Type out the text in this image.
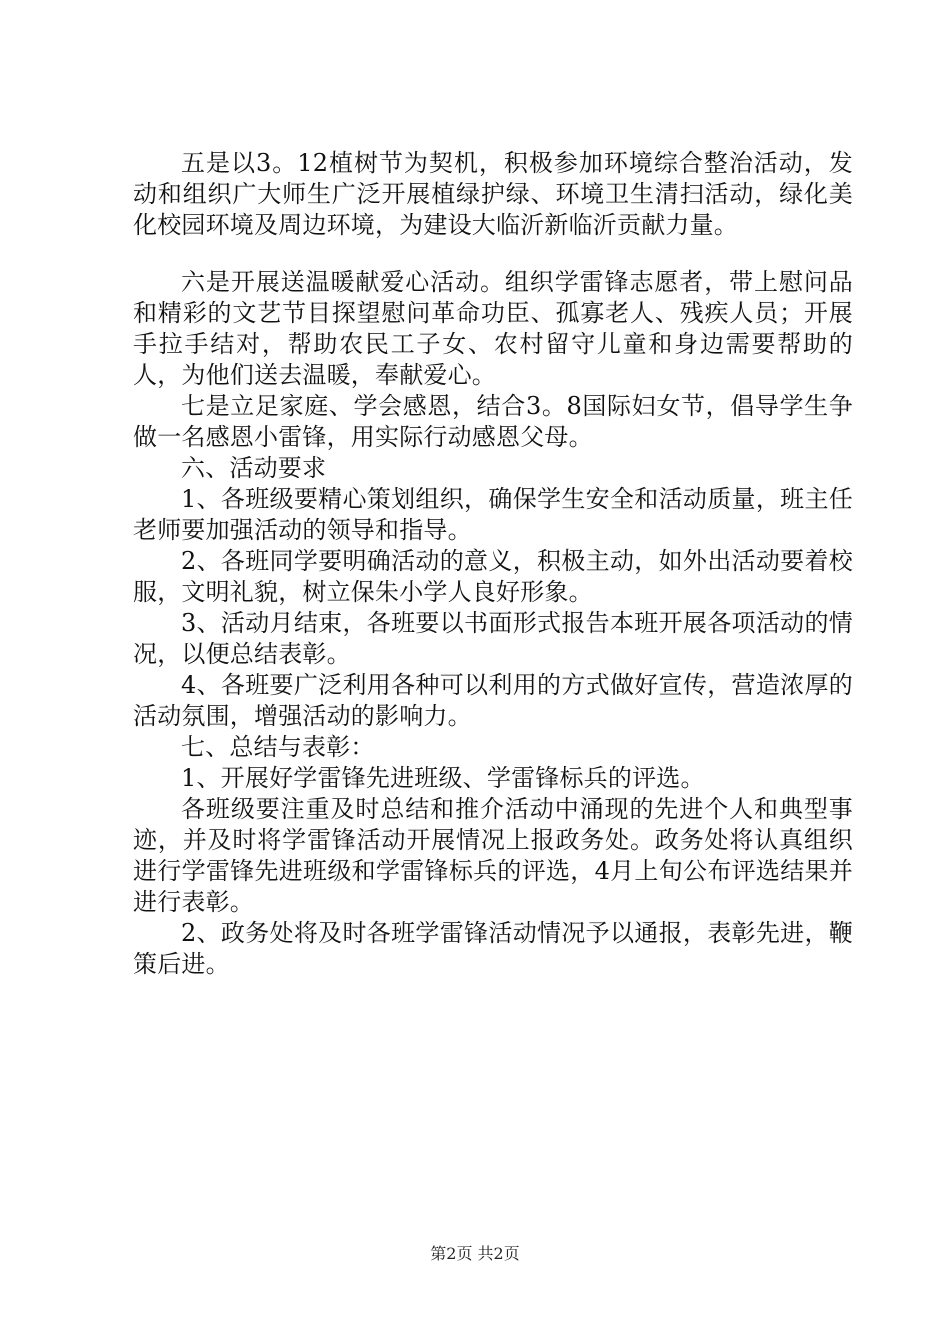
五是以3。12植树节为契机，积极参加环境综合整治活动，发动和组织广大师生广泛开展植绿护绿、环境卫生清扫活动，绿化美化校园环境及周边环境，为建设大临沂新临沂贡献力量。

六是开展送温暖献爱心活动。组织学雷锋志愿者，带上慰问品和精彩的文艺节目探望慰问革命功臣、孤寡老人、残疾人员；开展手拉手结对，帮助农民工子女、农村留守儿童和身边需要帮助的人，为他们送去温暖，奉献爱心。

七是立足家庭、学会感恩，结合3。8国际妇女节，倡导学生争做一名感恩小雷锋，用实际行动感恩父母。

六、活动要求

1、各班级要精心策划组织，确保学生安全和活动质量，班主任老师要加强活动的领导和指导。

2、各班同学要明确活动的意义，积极主动，如外出活动要着校服，文明礼貌，树立保朱小学人良好形象。

3、活动月结束，各班要以书面形式报告本班开展各项活动的情况，以便总结表彰。

4、各班要广泛利用各种可以利用的方式做好宣传，营造浓厚的活动氛围，增强活动的影响力。

七、总结与表彰：

1、开展好学雷锋先进班级、学雷锋标兵的评选。

各班级要注重及时总结和推介活动中涌现的先进个人和典型事迹，并及时将学雷锋活动开展情况上报政务处。政务处将认真组织进行学雷锋先进班级和学雷锋标兵的评选，4月上旬公布评选结果并进行表彰。

2、政务处将及时各班学雷锋活动情况予以通报，表彰先进，鞭策后进。

第2页 共2页
